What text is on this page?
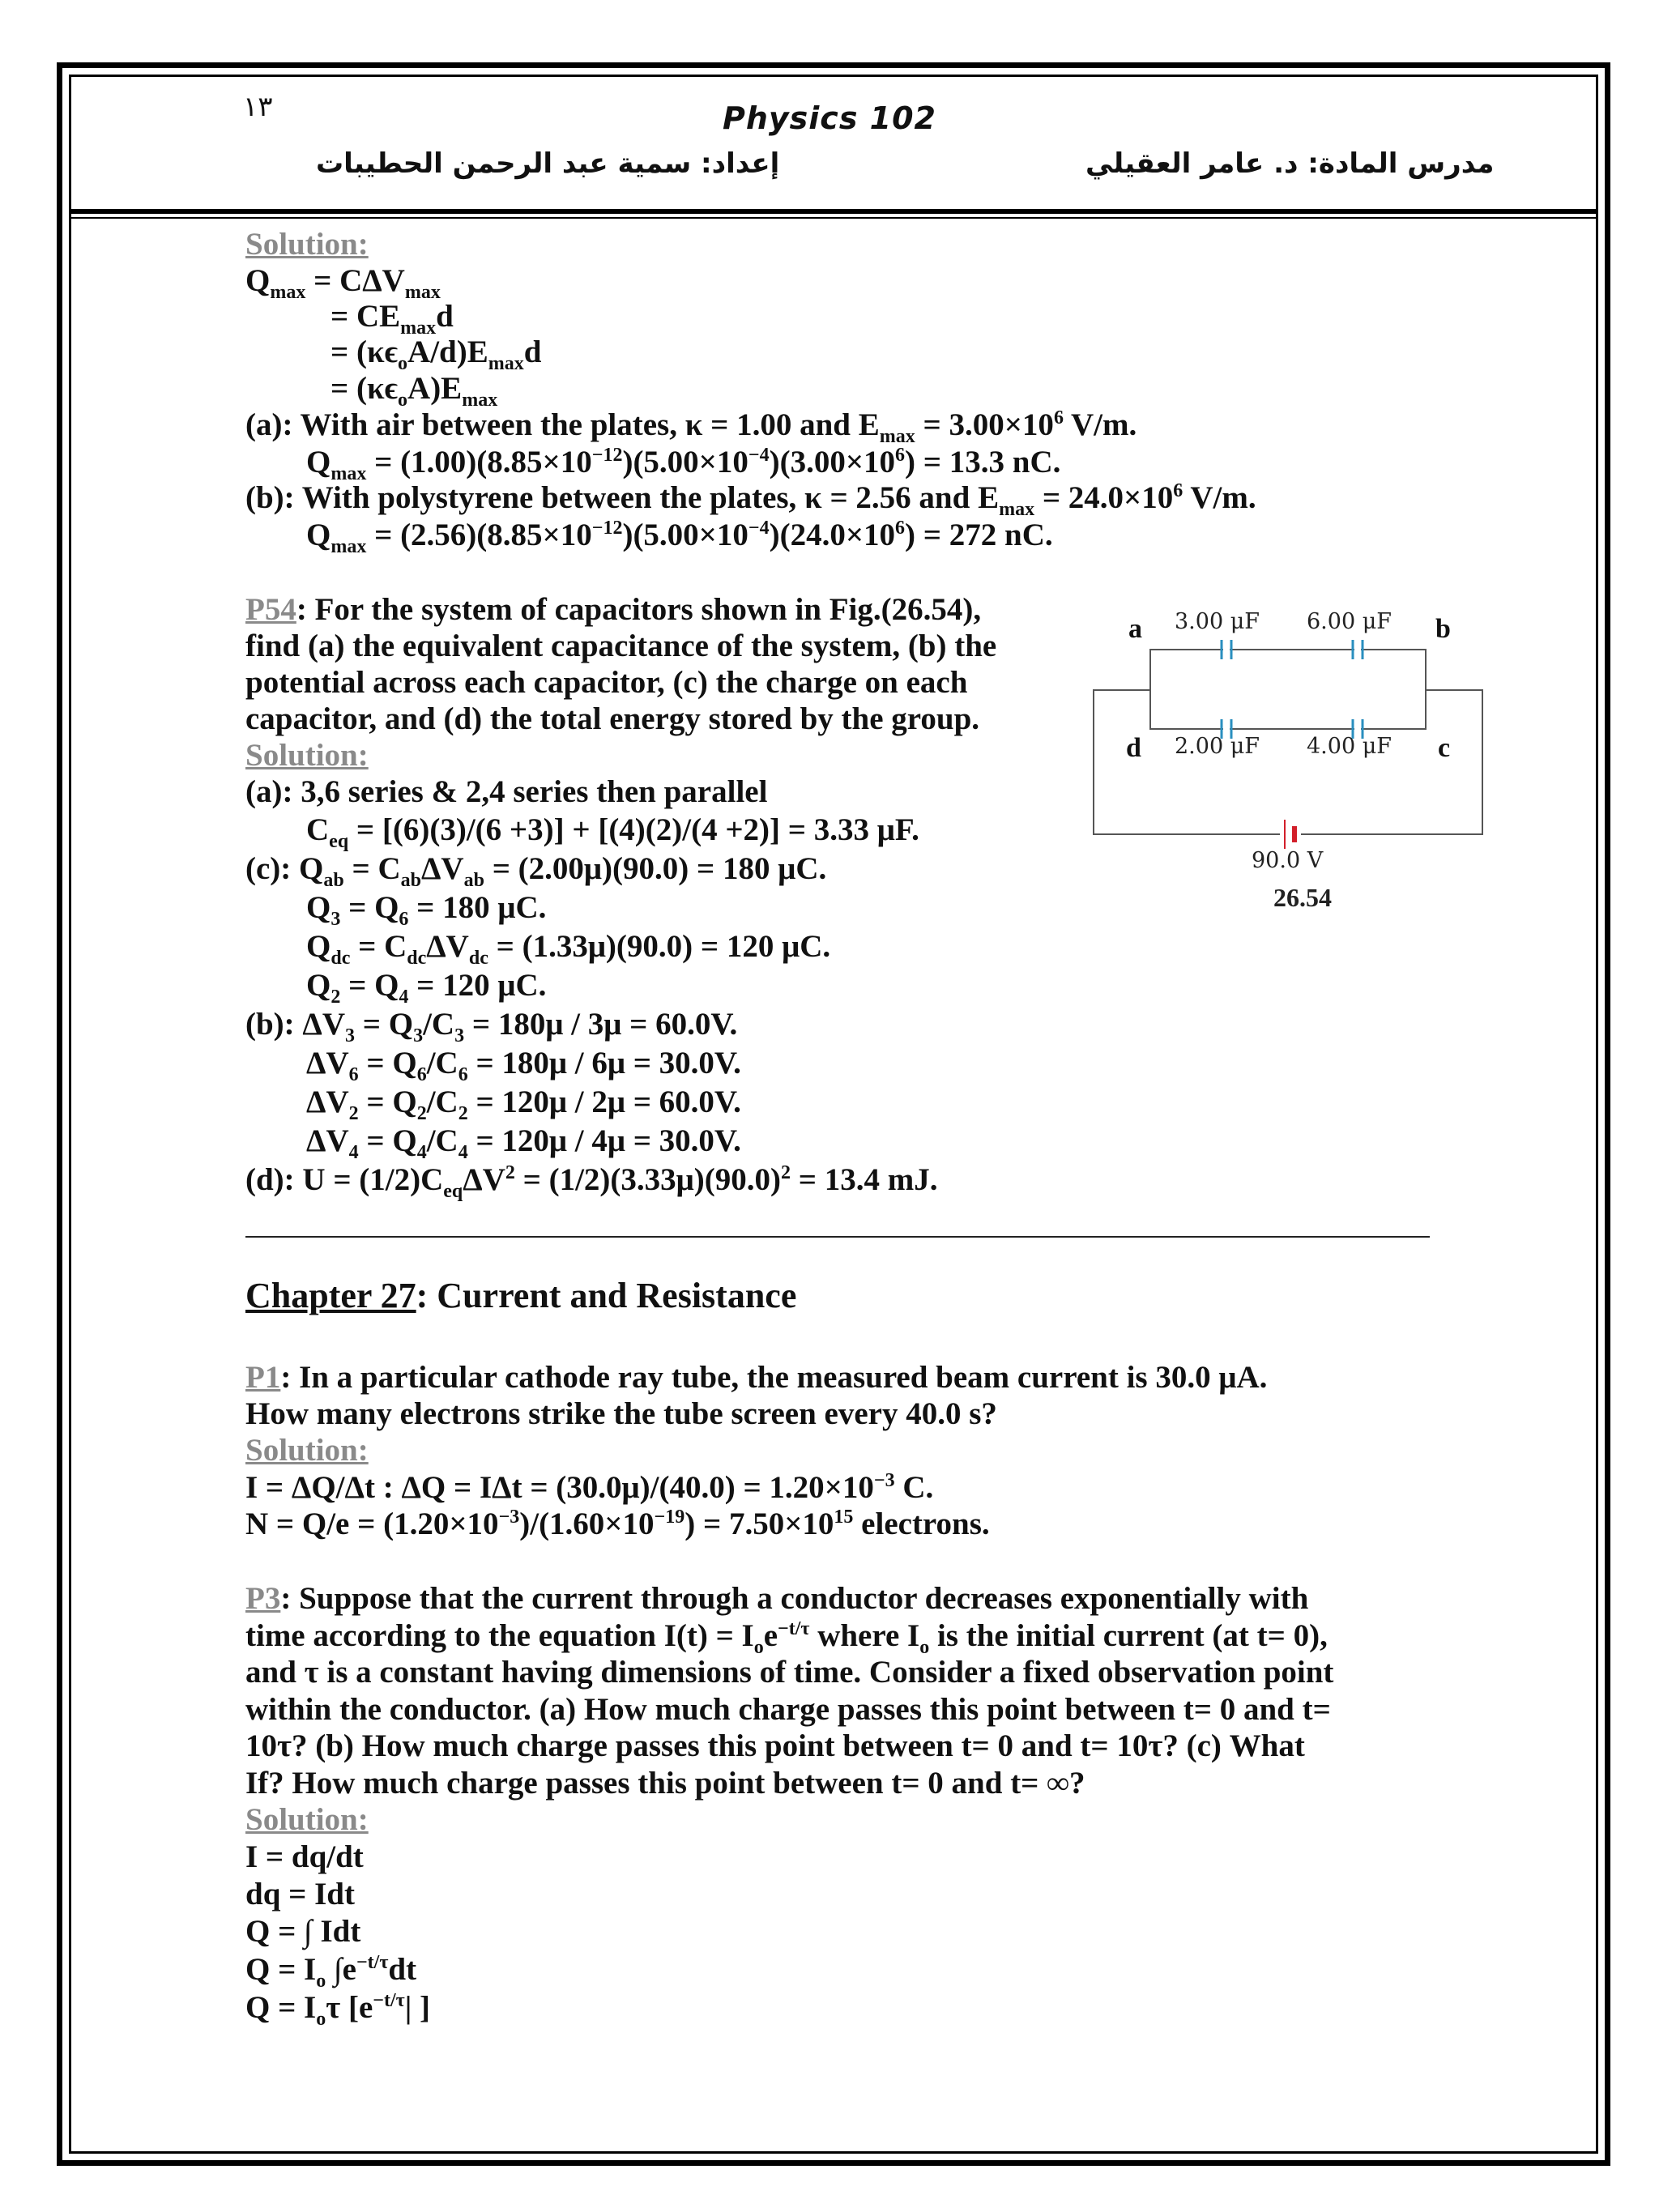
١٣	Physics 102
إعداد: سمية عبد الرحمن الحطيبات	مدرس المادة: د. عامر العقيلي
Solution:
$Q_{max} = C\Delta V_{max}$
= $CE_{max}d$
= $(\kappa\epsilon_oA/d)E_{max}d$
= $(\kappa\epsilon_oA)E_{max}$
(a): With air between the plates, κ = 1.00 and $E_{max} = 3.00\times 10^6$ V/m.
$Q_{max} = (1.00)(8.85\times 10^{-12})(5.00\times 10^{-4})(3.00\times 10^6) = 13.3$ nC.
(b): With polystyrene between the plates, κ = 2.56 and $E_{max} = 24.0\times 10^6$ V/m.
$Q_{max} = (2.56)(8.85\times 10^{-12})(5.00\times 10^{-4})(24.0\times 10^6) = 272$ nC.
P54: For the system of capacitors shown in Fig.(26.54),
find (a) the equivalent capacitance of the system, (b) the
potential across each capacitor, (c) the charge on each
capacitor, and (d) the total energy stored by the group.
Solution:
(a): 3,6 series & 2,4 series then parallel
$C_{eq} = [(6)(3)/(6 +3)] + [(4)(2)/(4 +2)] = 3.33$ μF.
(c): $Q_{ab} = C_{ab}\Delta V_{ab} = (2.00\mu)(90.0) = 180$ μC.
$Q_3 = Q_6 = 180$ μC.
$Q_{dc} = C_{dc}\Delta V_{dc} = (1.33\mu)(90.0) = 120$ μC.
$Q_2 = Q_4 = 120$ μC.
(b): $\Delta V_3 = Q_3/C_3 = 180\mu / 3\mu = 60.0V$.
$\Delta V_6 = Q_6/C_6 = 180\mu / 6\mu = 30.0V$.
$\Delta V_2 = Q_2/C_2 = 120\mu / 2\mu = 60.0V$.
$\Delta V_4 = Q_4/C_4 = 120\mu / 4\mu = 30.0V$.
(d): $U = (1/2)C_{eq}\Delta V^2 = (1/2)(3.33\mu)(90.0)^2 = 13.4$ mJ.
3.00 μF 6.00 μF
2.00 μF 4.00 μF
a	b
d	c
90.0 V
26.54
Chapter 27: Current and Resistance
P1: In a particular cathode ray tube, the measured beam current is 30.0 μA.
How many electrons strike the tube screen every 40.0 s?
Solution:
I = ΔQ/Δt : $\Delta Q = I\Delta t = (30.0\mu)/(40.0) = 1.20\times 10^{-3}$ C.
$N = Q/e = (1.20\times 10^{-3})/(1.60\times 10^{-19}) = 7.50\times 10^{15}$ electrons.
P3: Suppose that the current through a conductor decreases exponentially with
time according to the equation $I(t) = I_oe^{-t/\tau}$ where $I_o$ is the initial current (at t= 0),
and τ is a constant having dimensions of time. Consider a fixed observation point
within the conductor. (a) How much charge passes this point between t= 0 and t=
10τ? (b) How much charge passes this point between t= 0 and t= 10τ? (c) What
If? How much charge passes this point between t= 0 and t= ∞?
Solution:
I = dq/dt
dq = Idt
Q = ∫ Idt
$Q = I_o$ $\int e^{-t/\tau}dt$
$Q = I_o\tau$ [$e^{-t/\tau}|$ ]
